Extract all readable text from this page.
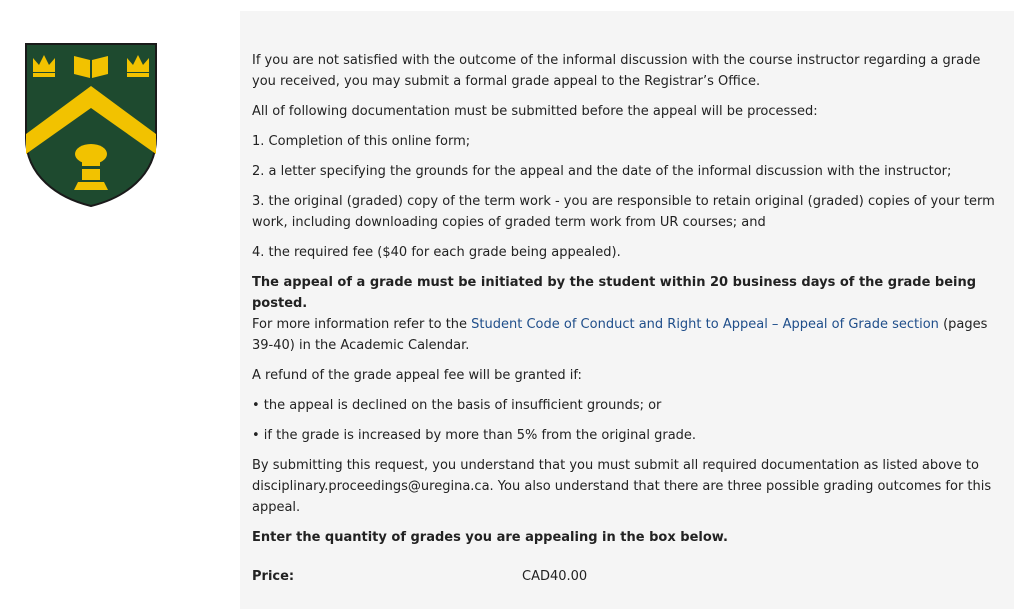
If you are not satisfied with the outcome of the informal discussion with the course instructor regarding a grade you received, you may submit a formal grade appeal to the Registrar’s Office.

All of following documentation must be submitted before the appeal will be processed:

1. Completion of this online form;

2. a letter specifying the grounds for the appeal and the date of the informal discussion with the instructor;

3. the original (graded) copy of the term work - you are responsible to retain original (graded) copies of your term work, including downloading copies of graded term work from UR courses; and

4. the required fee ($40 for each grade being appealed).

The appeal of a grade must be initiated by the student within 20 business days of the grade being posted.
For more information refer to the Student Code of Conduct and Right to Appeal – Appeal of Grade section (pages 39-40) in the Academic Calendar.

A refund of the grade appeal fee will be granted if:

• the appeal is declined on the basis of insufficient grounds; or

• if the grade is increased by more than 5% from the original grade.

By submitting this request, you understand that you must submit all required documentation as listed above to disciplinary.proceedings@uregina.ca. You also understand that there are three possible grading outcomes for this appeal.

Enter the quantity of grades you are appealing in the box below.

Price:	CAD40.00
